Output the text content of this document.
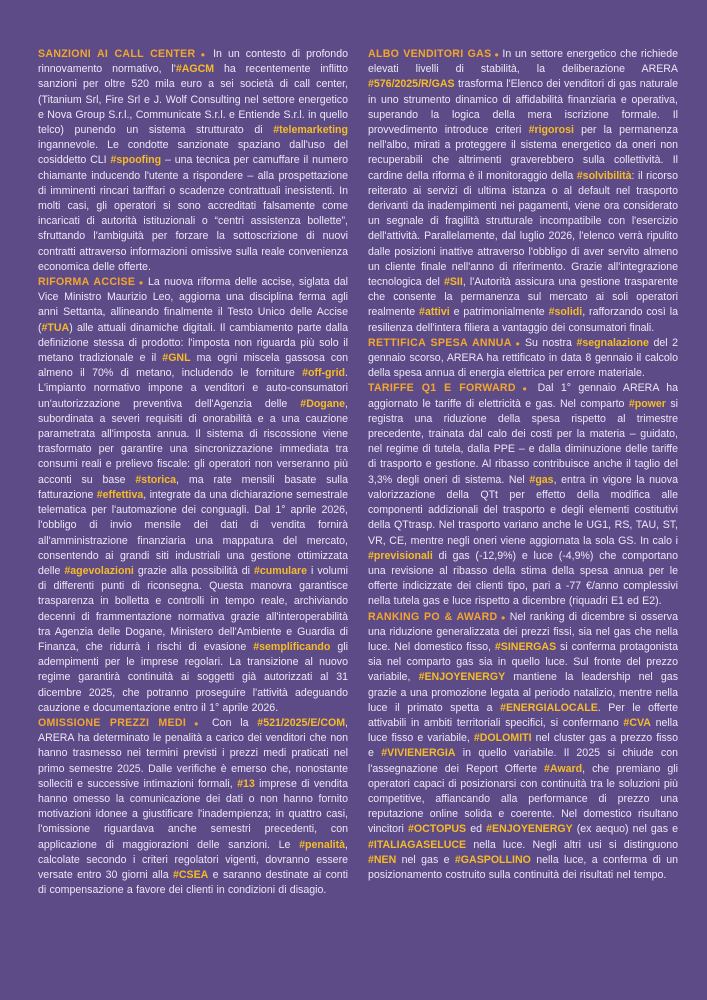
SANZIONI AI CALL CENTER ● In un contesto di profondo rinnovamento normativo, l'#AGCM ha recentemente inflitto sanzioni per oltre 520 mila euro a sei società di call center, (Titanium Srl, Fire Srl e J. Wolf Consulting nel settore energetico e Nova Group S.r.l., Communicate S.r.l. e Entiende S.r.l. in quello telco) punendo un sistema strutturato di #telemarketing ingannevole. Le condotte sanzionate spaziano dall'uso del cosiddetto CLI #spoofing – una tecnica per camuffare il numero chiamante inducendo l'utente a rispondere – alla prospettazione di imminenti rincari tariffari o scadenze contrattuali inesistenti. In molti casi, gli operatori si sono accreditati falsamente come incaricati di autorità istituzionali o “centri assistenza bollette”, sfruttando l'ambiguità per forzare la sottoscrizione di nuovi contratti attraverso informazioni omissive sulla reale convenienza economica delle offerte.

RIFORMA ACCISE ● La nuova riforma delle accise, siglata dal Vice Ministro Maurizio Leo, aggiorna una disciplina ferma agli anni Settanta, allineando finalmente il Testo Unico delle Accise (#TUA) alle attuali dinamiche digitali. Il cambiamento parte dalla definizione stessa di prodotto: l'imposta non riguarda più solo il metano tradizionale e il #GNL ma ogni miscela gassosa con almeno il 70% di metano, includendo le forniture #off-grid. L'impianto normativo impone a venditori e auto-consumatori un'autorizzazione preventiva dell'Agenzia delle #Dogane, subordinata a severi requisiti di onorabilità e a una cauzione parametrata all'imposta annua. Il sistema di riscossione viene trasformato per garantire una sincronizzazione immediata tra consumi reali e prelievo fiscale: gli operatori non verseranno più acconti su base #storica, ma rate mensili basate sulla fatturazione #effettiva, integrate da una dichiarazione semestrale telematica per l'automazione dei conguagli. Dal 1° aprile 2026, l'obbligo di invio mensile dei dati di vendita fornirà all'amministrazione finanziaria una mappatura del mercato, consentendo ai grandi siti industriali una gestione ottimizzata delle #agevolazioni grazie alla possibilità di #cumulare i volumi di differenti punti di riconsegna. Questa manovra garantisce trasparenza in bolletta e controlli in tempo reale, archiviando decenni di frammentazione normativa grazie all'interoperabilità tra Agenzia delle Dogane, Ministero dell'Ambiente e Guardia di Finanza, che ridurrà i rischi di evasione #semplificando gli adempimenti per le imprese regolari. La transizione al nuovo regime garantirà continuità ai soggetti già autorizzati al 31 dicembre 2025, che potranno proseguire l'attività adeguando cauzione e documentazione entro il 1° aprile 2026.

OMISSIONE PREZZI MEDI ● Con la #521/2025/E/COM, ARERA ha determinato le penalità a carico dei venditori che non hanno trasmesso nei termini previsti i prezzi medi praticati nel primo semestre 2025. Dalle verifiche è emerso che, nonostante solleciti e successive intimazioni formali, #13 imprese di vendita hanno omesso la comunicazione dei dati o non hanno fornito motivazioni idonee a giustificare l'inadempienza; in quattro casi, l'omissione riguardava anche semestri precedenti, con applicazione di maggiorazioni delle sanzioni. Le #penalità, calcolate secondo i criteri regolatori vigenti, dovranno essere versate entro 30 giorni alla #CSEA e saranno destinate ai conti di compensazione a favore dei clienti in condizioni di disagio.

ALBO VENDITORI GAS ● In un settore energetico che richiede elevati livelli di stabilità, la deliberazione ARERA #576/2025/R/GAS trasforma l'Elenco dei venditori di gas naturale in uno strumento dinamico di affidabilità finanziaria e operativa, superando la logica della mera iscrizione formale. Il provvedimento introduce criteri #rigorosi per la permanenza nell'albo, mirati a proteggere il sistema energetico da oneri non recuperabili che altrimenti graverebbero sulla collettività. Il cardine della riforma è il monitoraggio della #solvibilità: il ricorso reiterato ai servizi di ultima istanza o al default nel trasporto derivanti da inadempimenti nei pagamenti, viene ora considerato un segnale di fragilità strutturale incompatibile con l'esercizio dell'attività. Parallelamente, dal luglio 2026, l'elenco verrà ripulito dalle posizioni inattive attraverso l'obbligo di aver servito almeno un cliente finale nell'anno di riferimento. Grazie all'integrazione tecnologica del #SII, l'Autorità assicura una gestione trasparente che consente la permanenza sul mercato ai soli operatori realmente #attivi e patrimonialmente #solidi, rafforzando così la resilienza dell'intera filiera a vantaggio dei consumatori finali.

RETTIFICA SPESA ANNUA ● Su nostra #segnalazione del 2 gennaio scorso, ARERA ha rettificato in data 8 gennaio il calcolo della spesa annua di energia elettrica per errore materiale.

TARIFFE Q1 E FORWARD ● Dal 1° gennaio ARERA ha aggiornato le tariffe di elettricità e gas. Nel comparto #power si registra una riduzione della spesa rispetto al trimestre precedente, trainata dal calo dei costi per la materia – guidato, nel regime di tutela, dalla PPE – e dalla diminuzione delle tariffe di trasporto e gestione. Al ribasso contribuisce anche il taglio del 3,3% degli oneri di sistema. Nel #gas, entra in vigore la nuova valorizzazione della QTt per effetto della modifica alle componenti addizionali del trasporto e degli elementi costitutivi della QTtrasp. Nel trasporto variano anche le UG1, RS, TAU, ST, VR, CE, mentre negli oneri viene aggiornata la sola GS. In calo i #previsionali di gas (-12,9%) e luce (-4,9%) che comportano una revisione al ribasso della stima della spesa annua per le offerte indicizzate dei clienti tipo, pari a -77 €/anno complessivi nella tutela gas e luce rispetto a dicembre (riquadri E1 ed E2).

RANKING PO & AWARD ● Nel ranking di dicembre si osserva una riduzione generalizzata dei prezzi fissi, sia nel gas che nella luce. Nel domestico fisso, #SINERGAS si conferma protagonista sia nel comparto gas sia in quello luce. Sul fronte del prezzo variabile, #ENJOYENERGY mantiene la leadership nel gas grazie a una promozione legata al periodo natalizio, mentre nella luce il primato spetta a #ENERGIALOCALE. Per le offerte attivabili in ambiti territoriali specifici, si confermano #CVA nella luce fisso e variabile, #DOLOMITI nel cluster gas a prezzo fisso e #VIVIENERGIA in quello variabile. Il 2025 si chiude con l'assegnazione dei Report Offerte #Award, che premiano gli operatori capaci di posizionarsi con continuità tra le soluzioni più competitive, affiancando alla performance di prezzo una reputazione online solida e coerente. Nel domestico risultano vincitori #OCTOPUS ed #ENJOYENERGY (ex aequo) nel gas e #ITALIAGASELUCE nella luce. Negli altri usi si distinguono #NEN nel gas e #GASPOLLINO nella luce, a conferma di un posizionamento costruito sulla continuità dei risultati nel tempo.
